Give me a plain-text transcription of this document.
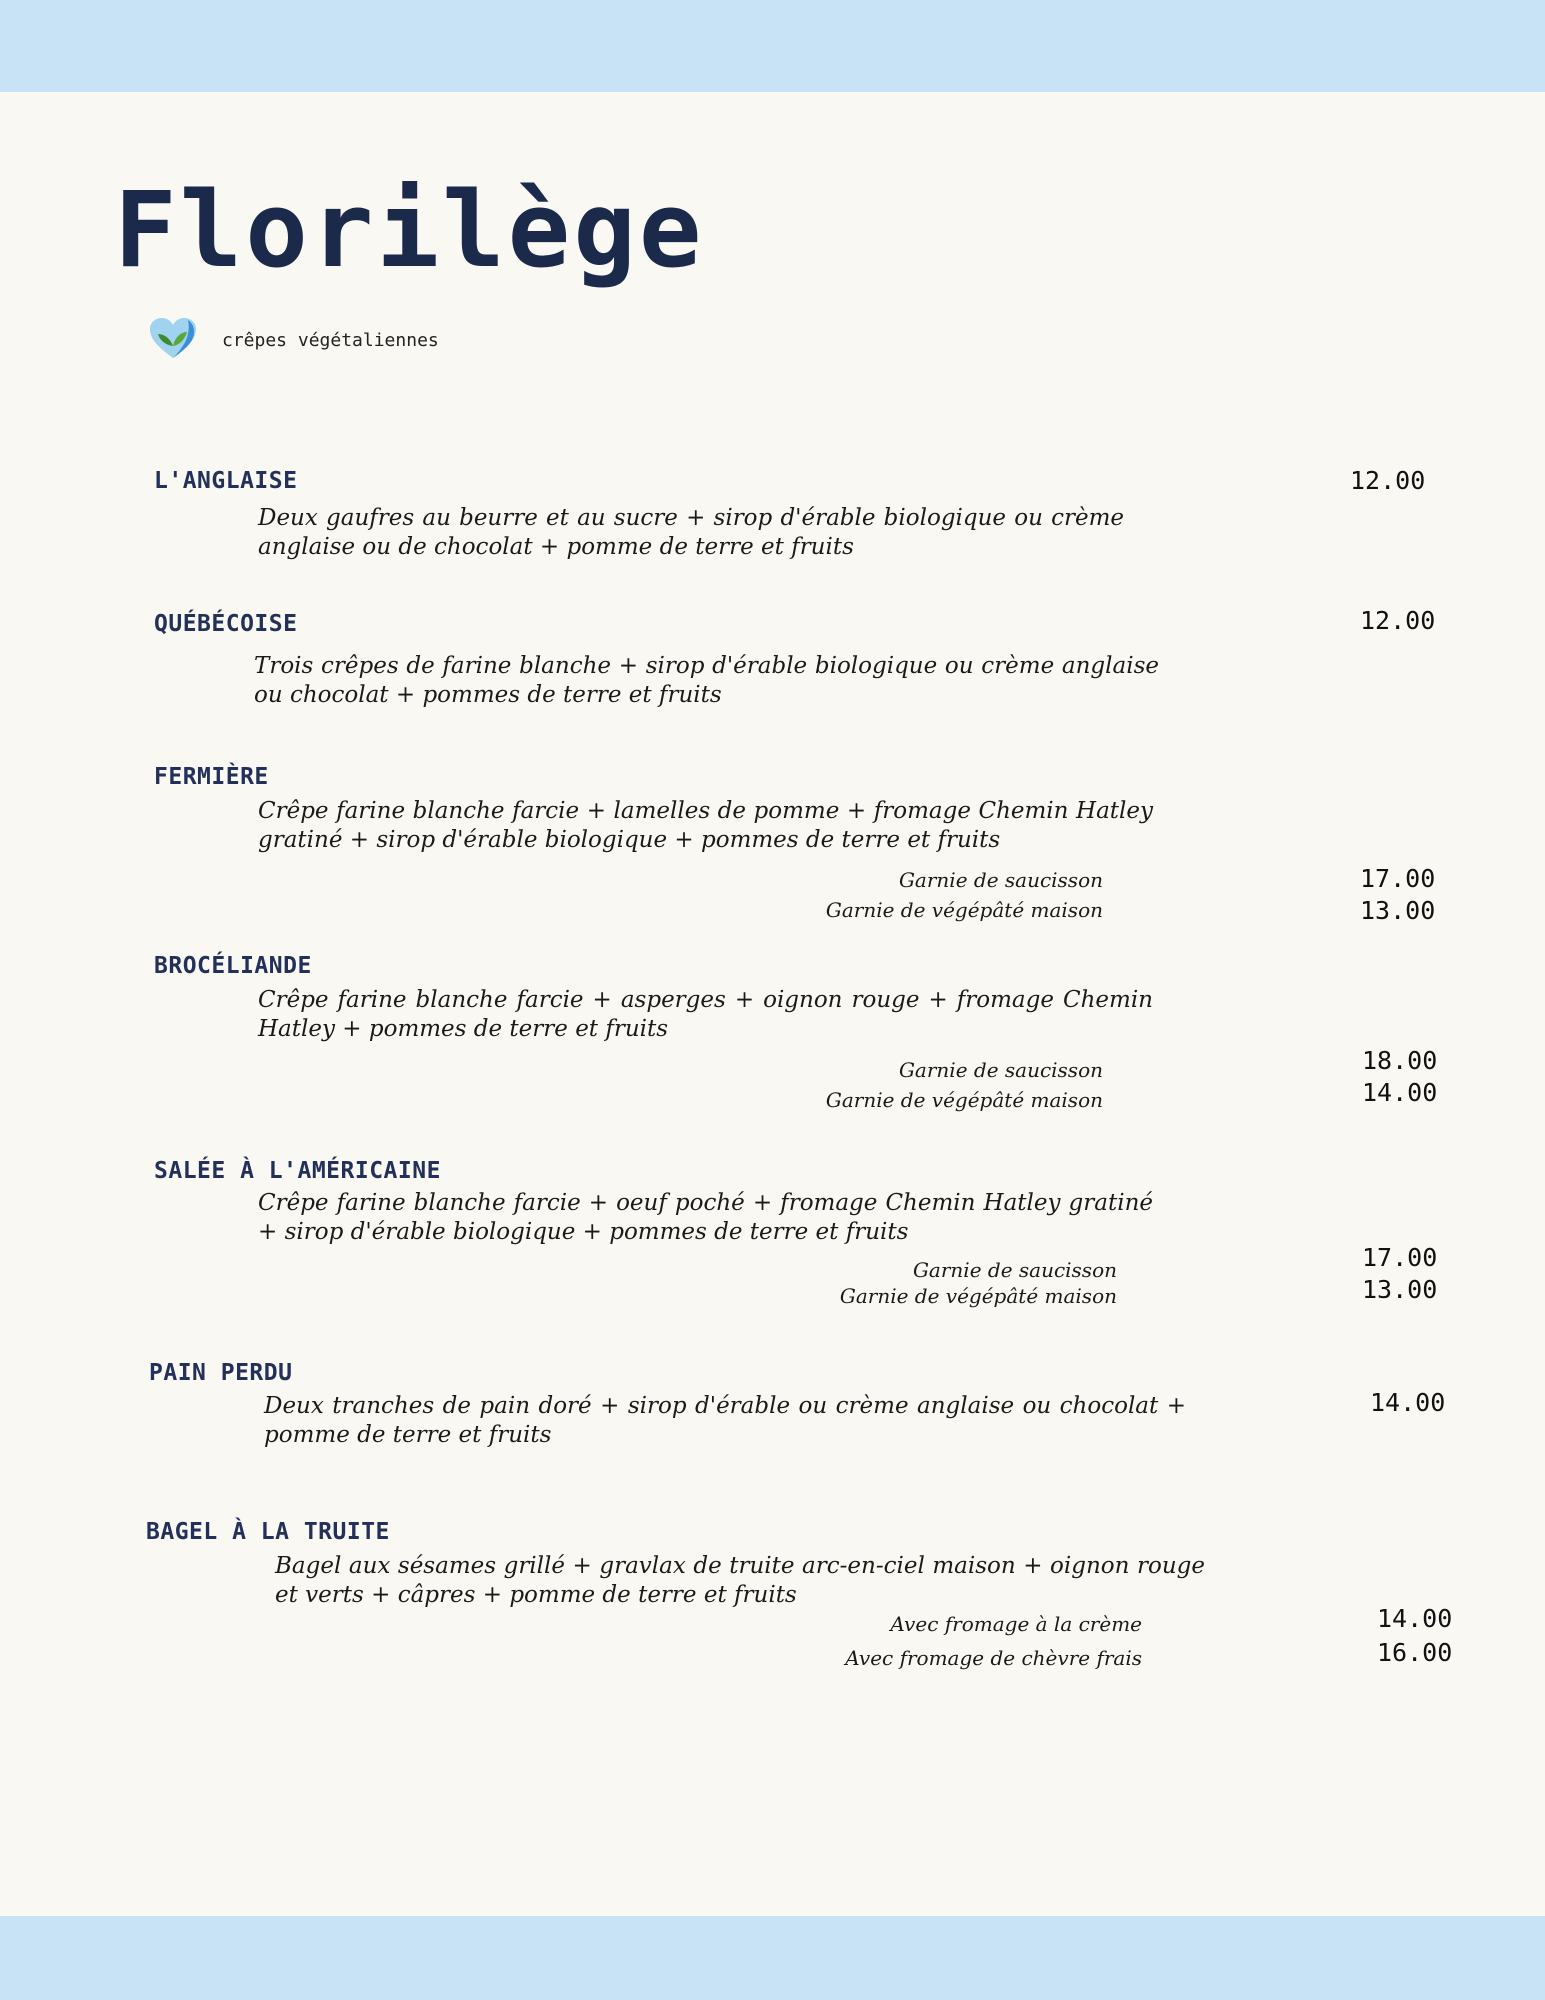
Florilège
crêpes végétaliennes
L'ANGLAISE
Deux gaufres au beurre et au sucre + sirop d'érable biologique ou crème anglaise ou de chocolat + pomme de terre et fruits
12.00
QUÉBÉCOISE
Trois crêpes de farine blanche + sirop d'érable biologique ou crème anglaise ou chocolat + pommes de terre et fruits
12.00
FERMIÈRE
Crêpe farine blanche farcie + lamelles de pomme + fromage Chemin Hatley gratiné + sirop d'érable biologique + pommes de terre et fruits
Garnie de saucisson	17.00
Garnie de végépâté maison	13.00
BROCÉLIANDE
Crêpe farine blanche farcie + asperges + oignon rouge + fromage Chemin Hatley + pommes de terre et fruits
Garnie de saucisson	18.00
Garnie de végépâté maison	14.00
SALÉE À L'AMÉRICAINE
Crêpe farine blanche farcie + oeuf poché + fromage Chemin Hatley gratiné + sirop d'érable biologique + pommes de terre et fruits
Garnie de saucisson	17.00
Garnie de végépâté maison	13.00
PAIN PERDU
Deux tranches de pain doré + sirop d'érable ou crème anglaise ou chocolat + pomme de terre et fruits
14.00
BAGEL À LA TRUITE
Bagel aux sésames grillé + gravlax de truite arc-en-ciel maison + oignon rouge et verts + câpres + pomme de terre et fruits
Avec fromage à la crème	14.00
Avec fromage de chèvre frais	16.00
